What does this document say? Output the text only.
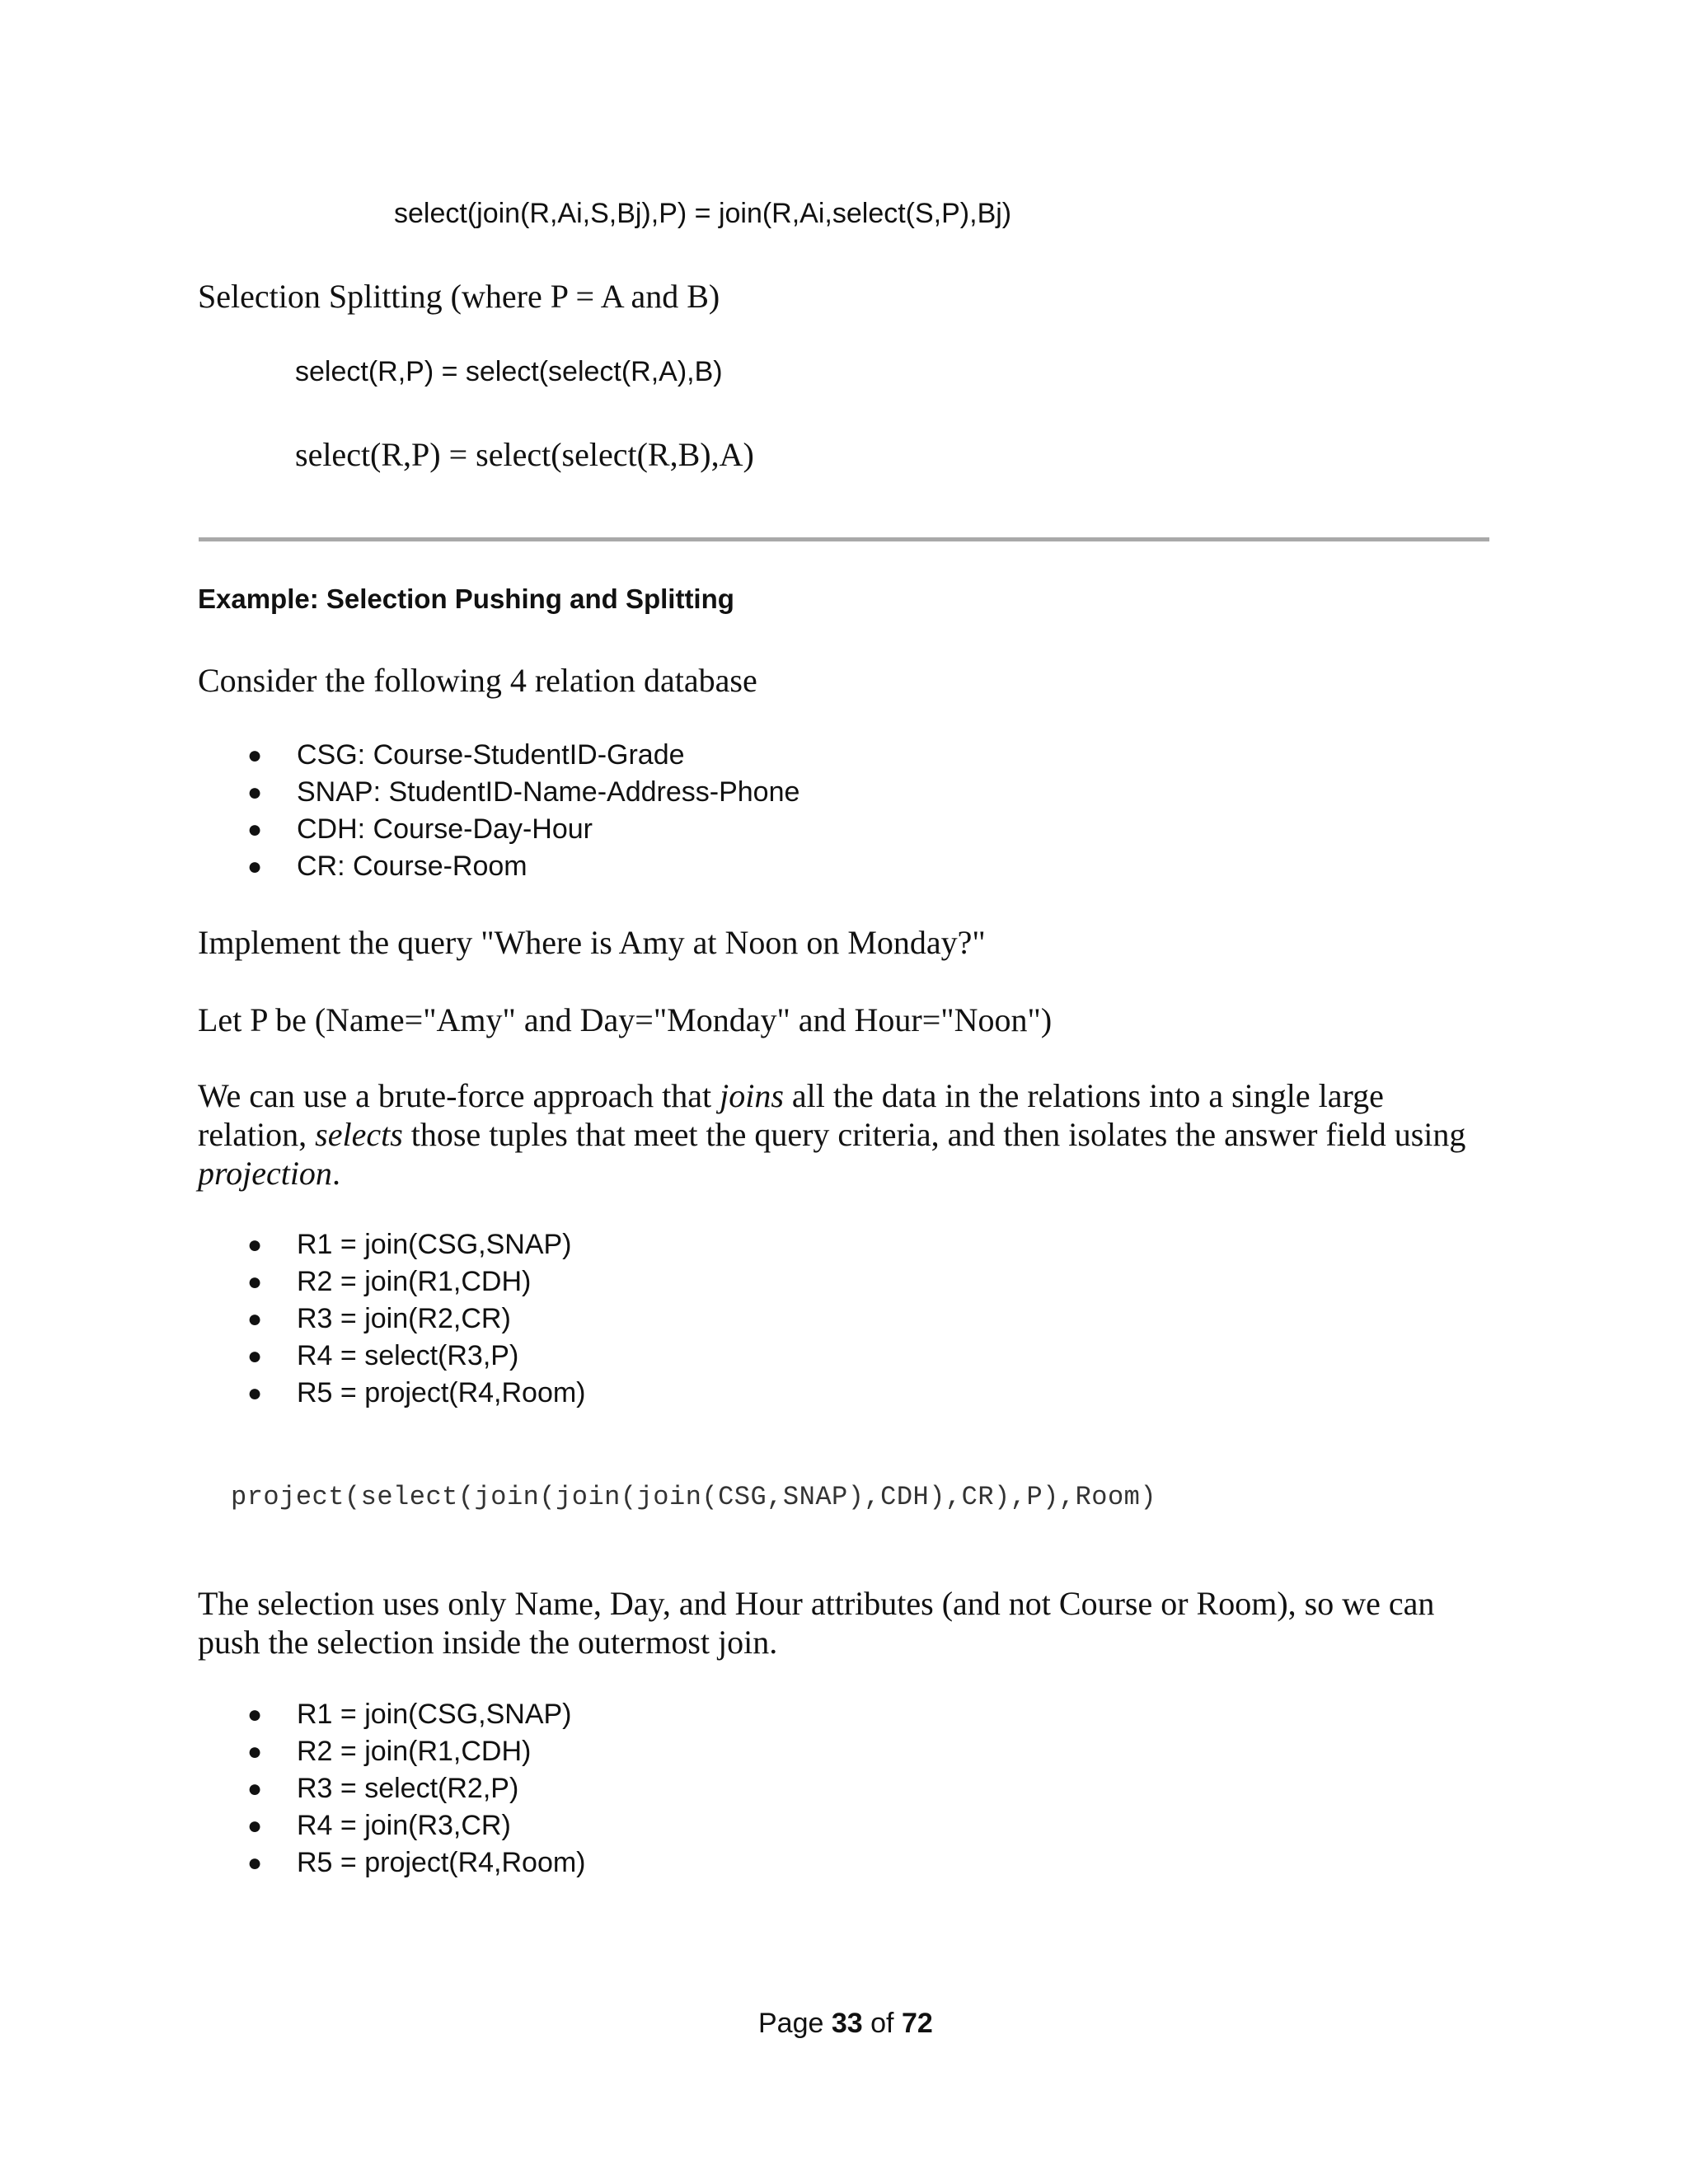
select(join(R,Ai,S,Bj),P) = join(R,Ai,select(S,P),Bj)

Selection Splitting (where P = A and B)

select(R,P) = select(select(R,A),B)

select(R,P) = select(select(R,B),A)

Example: Selection Pushing and Splitting

Consider the following 4 relation database

● CSG: Course-StudentID-Grade
● SNAP: StudentID-Name-Address-Phone
● CDH: Course-Day-Hour
● CR: Course-Room

Implement the query "Where is Amy at Noon on Monday?"

Let P be (Name="Amy" and Day="Monday" and Hour="Noon")

We can use a brute-force approach that joins all the data in the relations into a single large relation, selects those tuples that meet the query criteria, and then isolates the answer field using projection.

● R1 = join(CSG,SNAP)
● R2 = join(R1,CDH)
● R3 = join(R2,CR)
● R4 = select(R3,P)
● R5 = project(R4,Room)

project(select(join(join(join(CSG,SNAP),CDH),CR),P),Room)

The selection uses only Name, Day, and Hour attributes (and not Course or Room), so we can push the selection inside the outermost join.

● R1 = join(CSG,SNAP)
● R2 = join(R1,CDH)
● R3 = select(R2,P)
● R4 = join(R3,CR)
● R5 = project(R4,Room)

Page 33 of 72
